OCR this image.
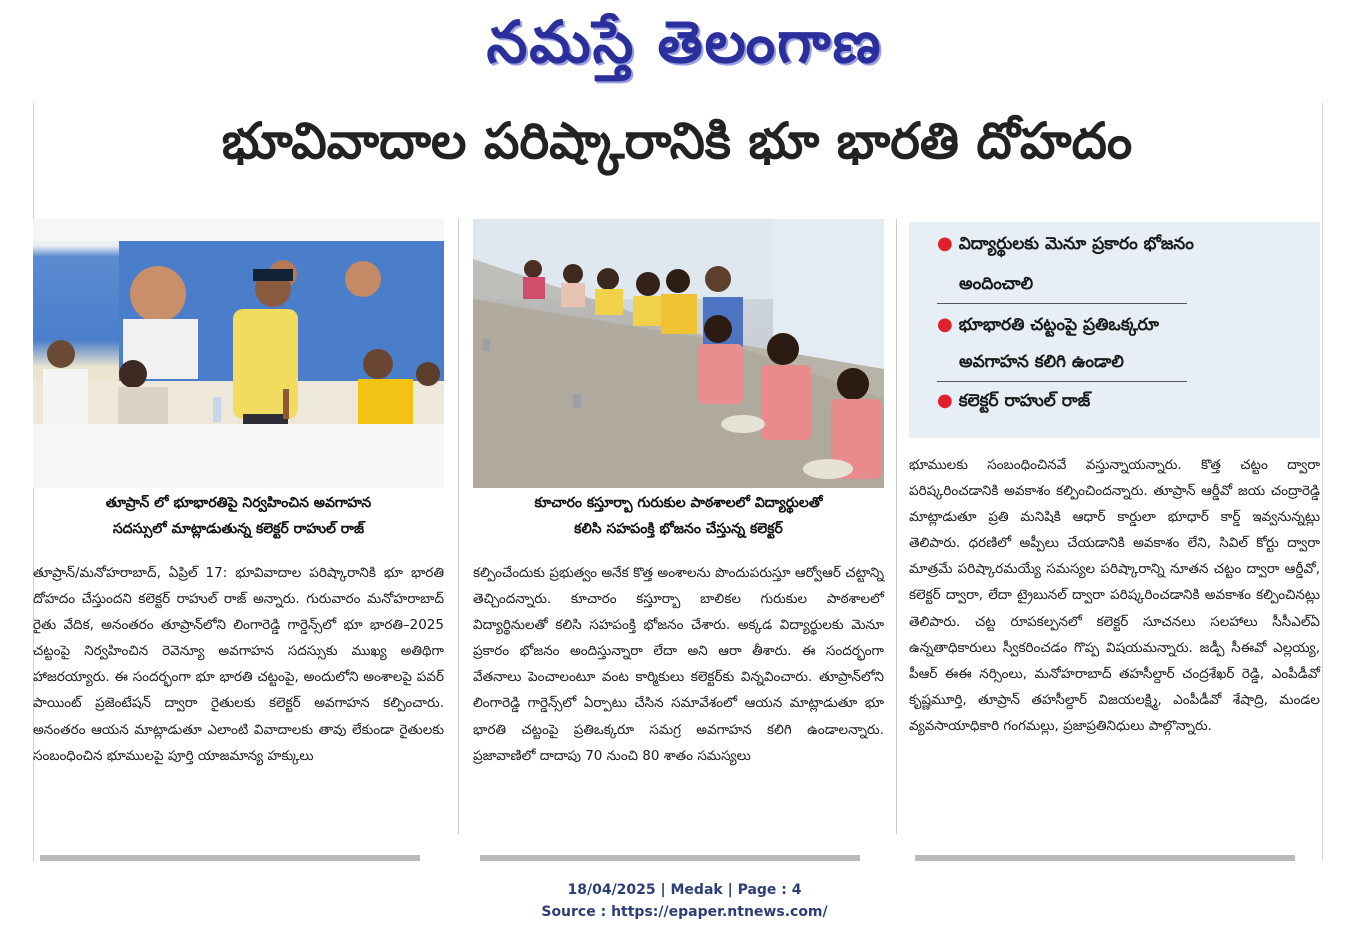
నమస్తే తెలంగాణ
భూవివాదాల పరిష్కారానికి భూ భారతి దోహదం
తూప్రాన్ లో భూభారతిపై నిర్వహించిన అవగాహన
సదస్సులో మాట్లాడుతున్న కలెక్టర్ రాహుల్ రాజ్
కూచారం కస్తూర్బా గురుకుల పాఠశాలలో విద్యార్థులతో
కలిసి సహపంక్తి భోజనం చేస్తున్న కలెక్టర్
● విద్యార్థులకు మెనూ ప్రకారం భోజనం
అందించాలి
● భూభారతి చట్టంపై ప్రతిఒక్కరూ
అవగాహన కలిగి ఉండాలి
● కలెక్టర్ రాహుల్ రాజ్

తూప్రాన్/మనోహరాబాద్, ఏప్రిల్ 17: భూవివాదాల పరిష్కారానికి భూ భారతి దోహదం చేస్తుందని కలెక్టర్ రాహుల్ రాజ్ అన్నారు. గురువారం మనోహరాబాద్ రైతు వేదిక, అనంతరం తూప్రాన్‌లోని లింగారెడ్డి గార్డెన్స్‌లో భూ భారతి–2025 చట్టంపై నిర్వహించిన రెవెన్యూ అవగాహన సదస్సుకు ముఖ్య అతిథిగా హాజరయ్యారు. ఈ సందర్భంగా భూ భారతి చట్టంపై, అందులోని అంశాలపై పవర్ పాయింట్ ప్రజెంటేషన్ ద్వారా రైతులకు కలెక్టర్ అవగాహన కల్పించారు. అనంతరం ఆయన మాట్లాడుతూ ఎలాంటి వివాదాలకు తావు లేకుండా రైతులకు సంబంధించిన భూములపై పూర్తి యాజమాన్య హక్కులు

కల్పించేందుకు ప్రభుత్వం అనేక కొత్త అంశాలను పొందుపరుస్తూ ఆర్వోఆర్ చట్టాన్ని తెచ్చిందన్నారు. కూచారం కస్తూర్బా బాలికల గురుకుల పాఠశాలలో విద్యార్థినులతో కలిసి సహపంక్తి భోజనం చేశారు. అక్కడ విద్యార్థులకు మెనూ ప్రకారం భోజనం అందిస్తున్నారా లేదా అని ఆరా తీశారు. ఈ సందర్భంగా వేతనాలు పెంచాలంటూ వంట కార్మికులు కలెక్టర్‌కు విన్నవించారు. తూప్రాన్‌లోని లింగారెడ్డి గార్డెన్స్‌లో ఏర్పాటు చేసిన సమావేశంలో ఆయన మాట్లాడుతూ భూ భారతి చట్టంపై ప్రతిఒక్కరూ సమగ్ర అవగాహన కలిగి ఉండాలన్నారు. ప్రజావాణిలో దాదాపు 70 నుంచి 80 శాతం సమస్యలు

భూములకు సంబంధించినవే వస్తున్నాయన్నారు. కొత్త చట్టం ద్వారా పరిష్కరించడానికి అవకాశం కల్పించిందన్నారు. తూప్రాన్ ఆర్డీవో జయ చంద్రారెడ్డి మాట్లాడుతూ ప్రతి మనిషికి ఆధార్ కార్డులా భూధార్ కార్డ్ ఇవ్వనున్నట్లు తెలిపారు. ధరణిలో అప్పీలు చేయడానికి అవకాశం లేని, సివిల్ కోర్టు ద్వారా మాత్రమే పరిష్కారమయ్యే సమస్యల పరిష్కారాన్ని నూతన చట్టం ద్వారా ఆర్డీవో, కలెక్టర్ ద్వారా, లేదా ట్రైబునల్ ద్వారా పరిష్కరించడానికి అవకాశం కల్పించినట్లు తెలిపారు. చట్ట రూపకల్పనలో కలెక్టర్ సూచనలు సలహాలు సీసీఎల్ఏ ఉన్నతాధికారులు స్వీకరించడం గొప్ప విషయమన్నారు. జడ్పీ సీఈవో ఎల్లయ్య, పీఆర్ ఈఈ నర్సింలు, మనోహరాబాద్ తహసీల్దార్ చంద్రశేఖర్ రెడ్డి, ఎంపీడీవో కృష్ణమూర్తి, తూప్రాన్ తహసీల్దార్ విజయలక్ష్మి, ఎంపీడీవో శేషాద్రి, మండల వ్యవసాయాధికారి గంగమల్లు, ప్రజాప్రతినిధులు పాల్గొన్నారు.

18/04/2025 | Medak | Page : 4
Source : https://epaper.ntnews.com/
